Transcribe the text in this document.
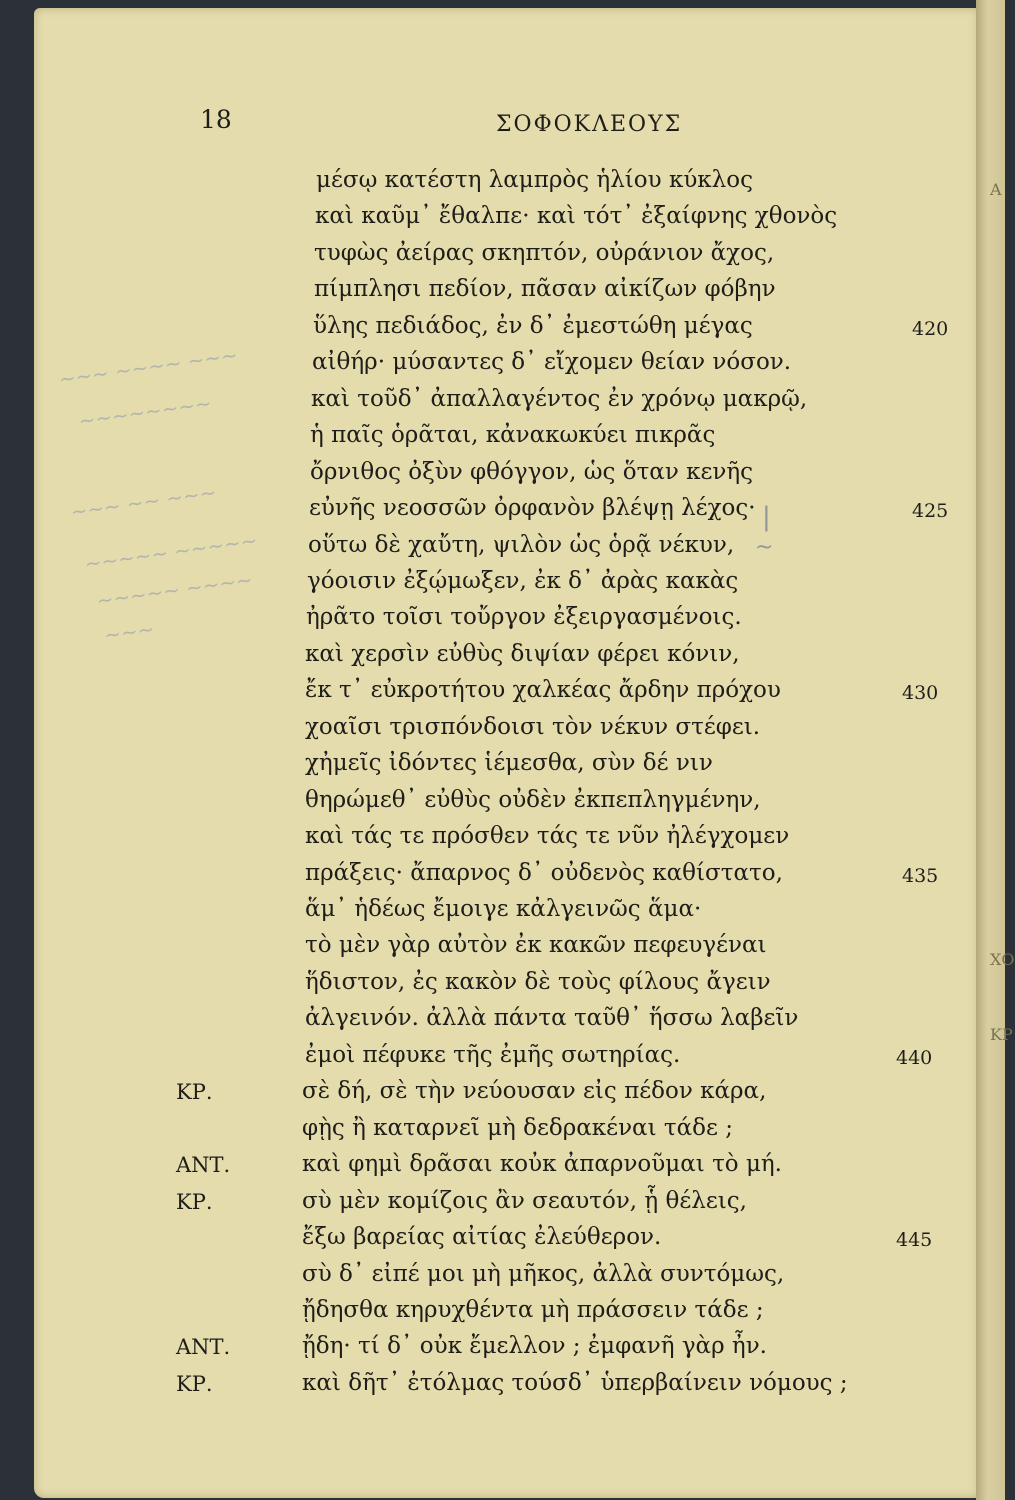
Α
ΧΟ
ΚΡ
~~~ ~~~~ ~~~
~~~~~~~~
~~~ ~~ ~~~
~~~~~ ~~~~~
~~~~~ ~~~~
~~~
|
~
18	ΣΟΦΟΚΛΕΟΥΣ
μέσῳ κατέστη λαμπρὸς ἡλίου κύκλος
καὶ καῦμ᾽ ἔθαλπε· καὶ τότ᾽ ἐξαίφνης χθονὸς
τυφὼς ἀείρας σκηπτόν, οὐράνιον ἄχος,
πίμπλησι πεδίον, πᾶσαν αἰκίζων φόβην
ὕλης πεδιάδος, ἐν δ᾽ ἐμεστώθη μέγας	420
αἰθήρ· μύσαντες δ᾽ εἴχομεν θείαν νόσον.
καὶ τοῦδ᾽ ἀπαλλαγέντος ἐν χρόνῳ μακρῷ,
ἡ παῖς ὁρᾶται, κἀνακωκύει πικρᾶς
ὄρνιθος ὀξὺν φθόγγον, ὡς ὅταν κενῆς
εὐνῆς νεοσσῶν ὀρφανὸν βλέψῃ λέχος·	425
οὕτω δὲ χαὔτη, ψιλὸν ὡς ὁρᾷ νέκυν,
γόοισιν ἐξῴμωξεν, ἐκ δ᾽ ἀρὰς κακὰς
ἠρᾶτο τοῖσι τοὔργον ἐξειργασμένοις.
καὶ χερσὶν εὐθὺς διψίαν φέρει κόνιν,
ἔκ τ᾽ εὐκροτήτου χαλκέας ἄρδην πρόχου	430
χοαῖσι τρισπόνδοισι τὸν νέκυν στέφει.
χἠμεῖς ἰδόντες ἱέμεσθα, σὺν δέ νιν
θηρώμεθ᾽ εὐθὺς οὐδὲν ἐκπεπληγμένην,
καὶ τάς τε πρόσθεν τάς τε νῦν ἠλέγχομεν
πράξεις· ἄπαρνος δ᾽ οὐδενὸς καθίστατο,	435
ἅμ᾽ ἡδέως ἔμοιγε κἀλγεινῶς ἅμα·
τὸ μὲν γὰρ αὐτὸν ἐκ κακῶν πεφευγέναι
ἥδιστον, ἐς κακὸν δὲ τοὺς φίλους ἄγειν
ἀλγεινόν. ἀλλὰ πάντα ταῦθ᾽ ἥσσω λαβεῖν
ἐμοὶ πέφυκε τῆς ἐμῆς σωτηρίας.	440
ΚΡ.	σὲ δή, σὲ τὴν νεύουσαν εἰς πέδον κάρα,
φῂς ἢ καταρνεῖ μὴ δεδρακέναι τάδε ;
ΑΝΤ.	καὶ φημὶ δρᾶσαι κοὐκ ἀπαρνοῦμαι τὸ μή.
ΚΡ.	σὺ μὲν κομίζοις ἂν σεαυτόν, ᾗ θέλεις,
ἔξω βαρείας αἰτίας ἐλεύθερον.	445
σὺ δ᾽ εἰπέ μοι μὴ μῆκος, ἀλλὰ συντόμως,
ᾔδησθα κηρυχθέντα μὴ πράσσειν τάδε ;
ΑΝΤ.	ᾔδη· τί δ᾽ οὐκ ἔμελλον ; ἐμφανῆ γὰρ ἦν.
ΚΡ.	καὶ δῆτ᾽ ἐτόλμας τούσδ᾽ ὑπερβαίνειν νόμους ;
